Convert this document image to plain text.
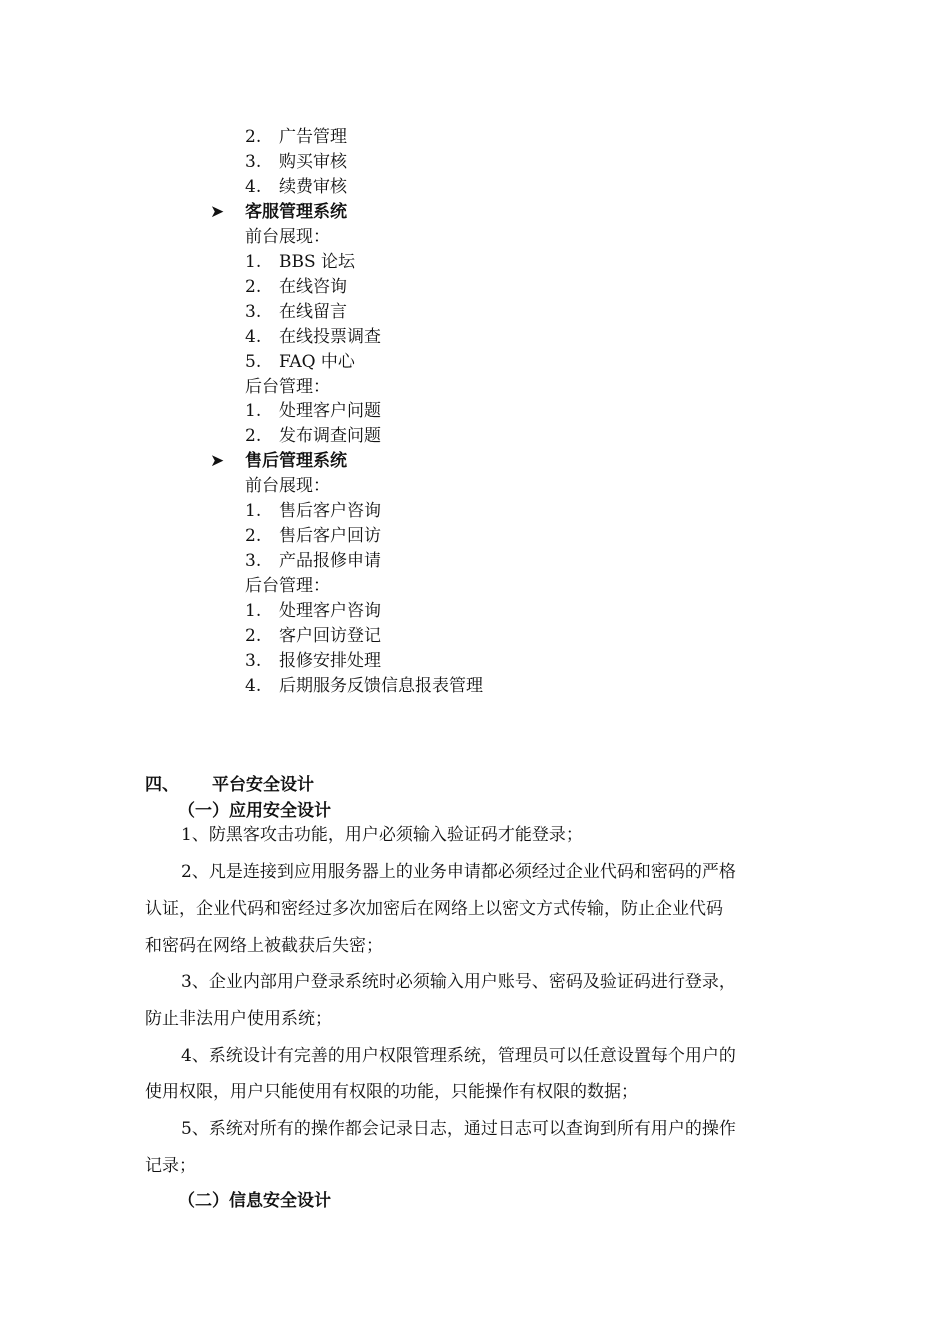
2. 广告管理
3. 购买审核
4. 续费审核
➤ 客服管理系统
前台展现：
1. BBS 论坛
2. 在线咨询
3. 在线留言
4. 在线投票调查
5. FAQ 中心
后台管理：
1. 处理客户问题
2. 发布调查问题
➤ 售后管理系统
前台展现：
1. 售后客户咨询
2. 售后客户回访
3. 产品报修申请
后台管理：
1. 处理客户咨询
2. 客户回访登记
3. 报修安排处理
4. 后期服务反馈信息报表管理
四、 平台安全设计
（一）应用安全设计
1、防黑客攻击功能，用户必须输入验证码才能登录；
2、凡是连接到应用服务器上的业务申请都必须经过企业代码和密码的严格
认证，企业代码和密经过多次加密后在网络上以密文方式传输，防止企业代码
和密码在网络上被截获后失密；
3、企业内部用户登录系统时必须输入用户账号、密码及验证码进行登录，
防止非法用户使用系统；
4、系统设计有完善的用户权限管理系统，管理员可以任意设置每个用户的
使用权限，用户只能使用有权限的功能，只能操作有权限的数据；
5、系统对所有的操作都会记录日志，通过日志可以查询到所有用户的操作
记录；
（二）信息安全设计
